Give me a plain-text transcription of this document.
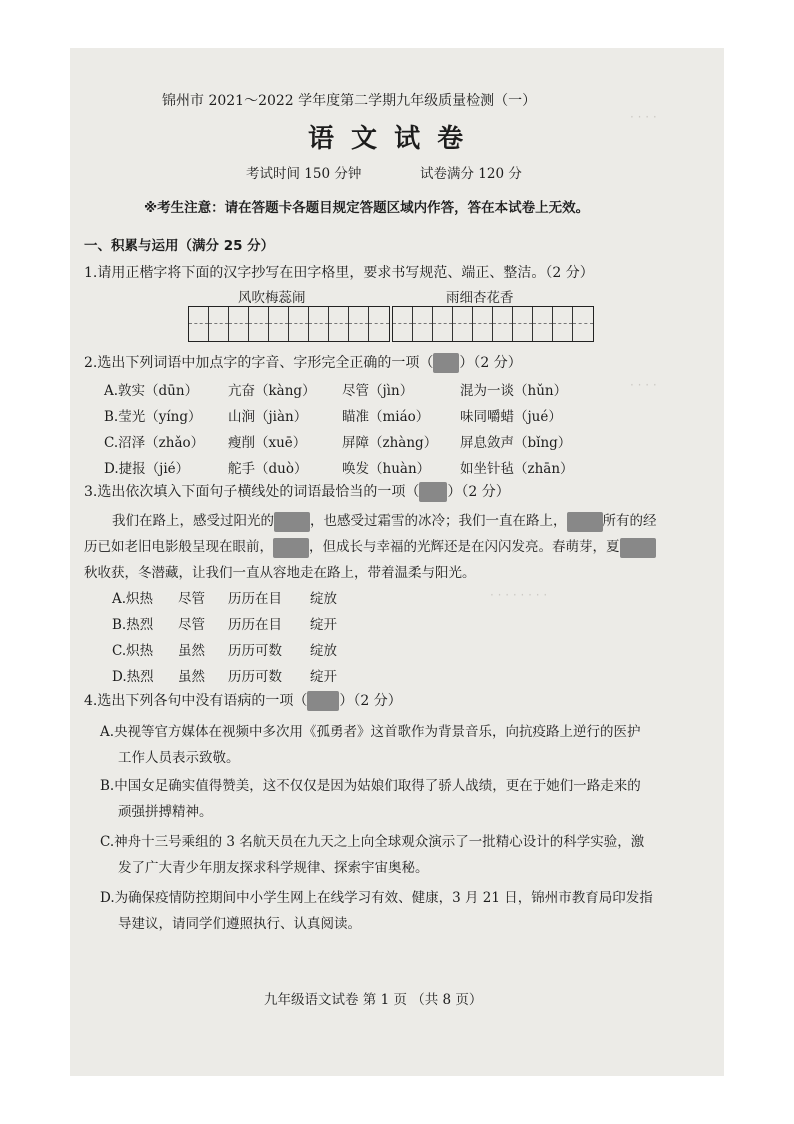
· · · ·
· · · ·
· · · · · · · ·
锦州市 2021～2022 学年度第二学期九年级质量检测（一）
语 文 试 卷
考试时间 150 分钟	试卷满分 120 分
※考生注意：请在答题卡各题目规定答题区域内作答，答在本试卷上无效。
一、积累与运用（满分 25 分）
1.请用正楷字将下面的汉字抄写在田字格里，要求书写规范、端正、整洁。（2 分）
风吹梅蕊闹	雨细杏花香
2.选出下列词语中加点字的字音、字形完全正确的一项（ ）（2 分）
A.敦实（dūn） 亢奋（kàng） 尽管（jìn）	混为一谈（hǔn）
B.莹光（yíng） 山涧（jiàn）	瞄准（miáo） 味同嚼蜡（jué）
C.沼泽（zhǎo） 瘦削（xuē）	屏障（zhàng） 屏息敛声（bǐng）
D.捷报（jié）	舵手（duò）	唤发（huàn） 如坐针毡（zhān）
3.选出依次填入下面句子横线处的词语最恰当的一项（ ）（2 分）
我们在路上，感受过阳光的	，也感受过霜雪的冰冷；我们一直在路上，	所有的经
历已如老旧电影般呈现在眼前，	，但成长与幸福的光辉还是在闪闪发亮。春萌芽，夏
秋收获，冬潜藏，让我们一直从容地走在路上，带着温柔与阳光。
A.炽热 尽管 历历在目 绽放
B.热烈 尽管 历历在目 绽开
C.炽热 虽然 历历可数 绽放
D.热烈 虽然 历历可数 绽开
4.选出下列各句中没有语病的一项（ ）（2 分）
A.央视等官方媒体在视频中多次用《孤勇者》这首歌作为背景音乐，向抗疫路上逆行的医护
工作人员表示致敬。
B.中国女足确实值得赞美，这不仅仅是因为姑娘们取得了骄人战绩，更在于她们一路走来的
顽强拼搏精神。
C.神舟十三号乘组的 3 名航天员在九天之上向全球观众演示了一批精心设计的科学实验，激
发了广大青少年朋友探求科学规律、探索宇宙奥秘。
D.为确保疫情防控期间中小学生网上在线学习有效、健康，3 月 21 日，锦州市教育局印发指
导建议，请同学们遵照执行、认真阅读。
九年级语文试卷 第 1 页 （共 8 页）
